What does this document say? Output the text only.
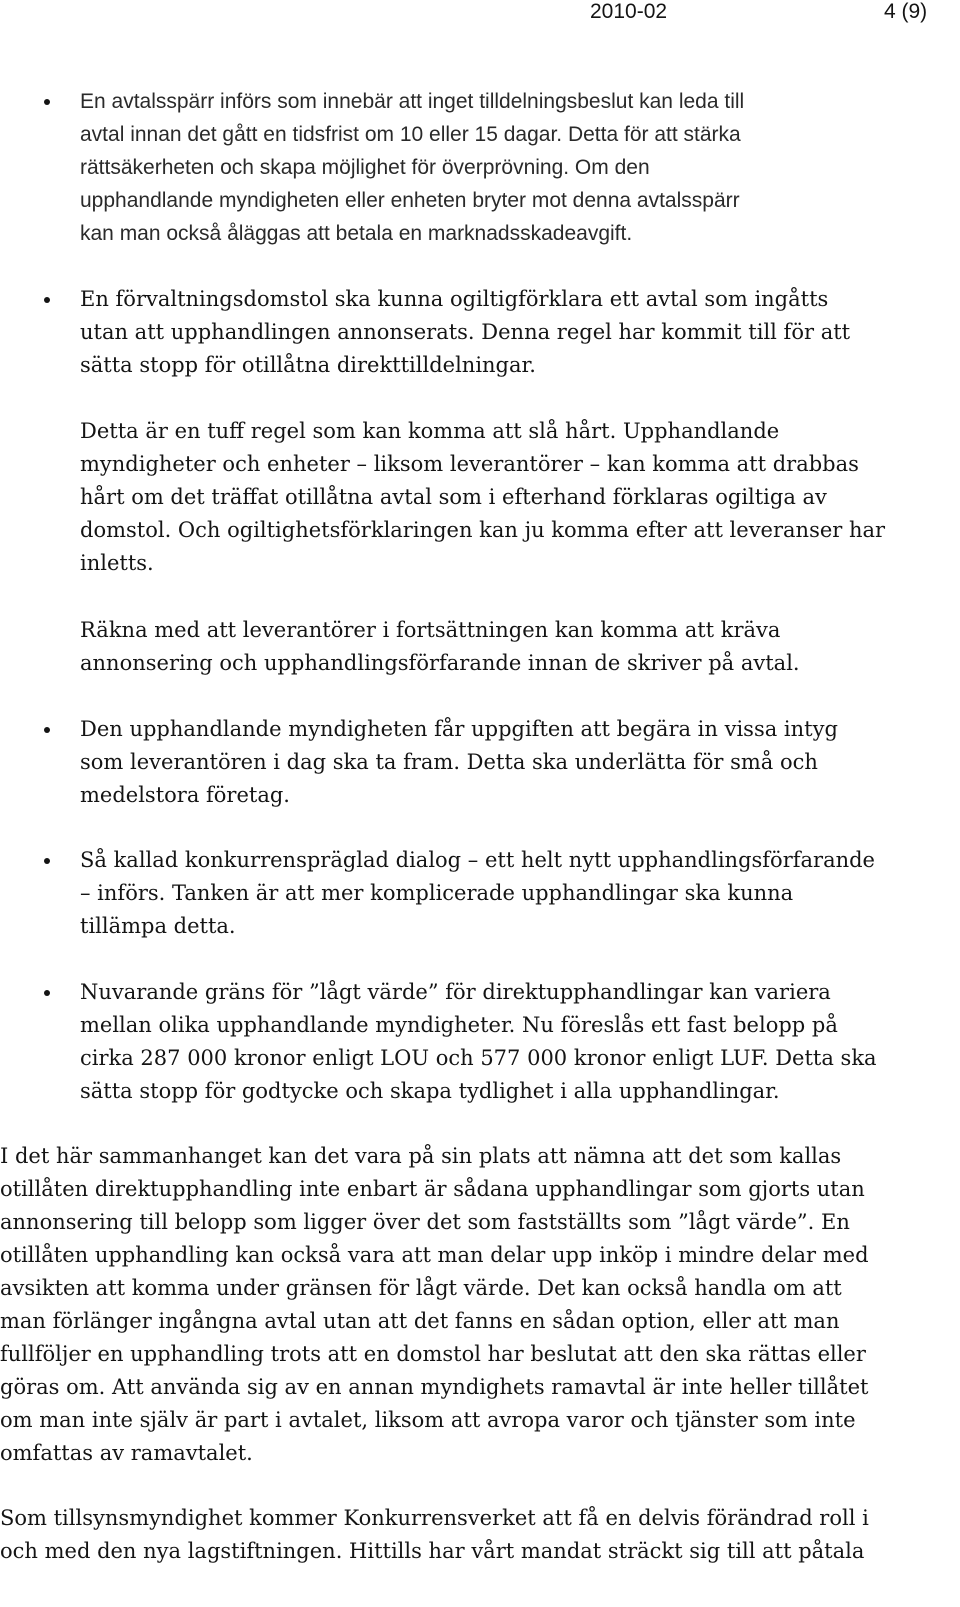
2010-02	4 (9)

En avtalsspärr införs som innebär att inget tilldelningsbeslut kan leda till
avtal innan det gått en tidsfrist om 10 eller 15 dagar. Detta för att stärka
rättsäkerheten och skapa möjlighet för överprövning. Om den
upphandlande myndigheten eller enheten bryter mot denna avtalsspärr
kan man också åläggas att betala en marknadsskadeavgift.

En förvaltningsdomstol ska kunna ogiltigförklara ett avtal som ingåtts
utan att upphandlingen annonserats. Denna regel har kommit till för att
sätta stopp för otillåtna direkttilldelningar.

Detta är en tuff regel som kan komma att slå hårt. Upphandlande
myndigheter och enheter – liksom leverantörer – kan komma att drabbas
hårt om det träffat otillåtna avtal som i efterhand förklaras ogiltiga av
domstol. Och ogiltighetsförklaringen kan ju komma efter att leveranser har
inletts.

Räkna med att leverantörer i fortsättningen kan komma att kräva
annonsering och upphandlingsförfarande innan de skriver på avtal.

Den upphandlande myndigheten får uppgiften att begära in vissa intyg
som leverantören i dag ska ta fram. Detta ska underlätta för små och
medelstora företag.

Så kallad konkurrenspräglad dialog – ett helt nytt upphandlingsförfarande
– införs. Tanken är att mer komplicerade upphandlingar ska kunna
tillämpa detta.

Nuvarande gräns för ”lågt värde” för direktupphandlingar kan variera
mellan olika upphandlande myndigheter. Nu föreslås ett fast belopp på
cirka 287 000 kronor enligt LOU och 577 000 kronor enligt LUF. Detta ska
sätta stopp för godtycke och skapa tydlighet i alla upphandlingar.

I det här sammanhanget kan det vara på sin plats att nämna att det som kallas
otillåten direktupphandling inte enbart är sådana upphandlingar som gjorts utan
annonsering till belopp som ligger över det som fastställts som ”lågt värde”. En
otillåten upphandling kan också vara att man delar upp inköp i mindre delar med
avsikten att komma under gränsen för lågt värde. Det kan också handla om att
man förlänger ingångna avtal utan att det fanns en sådan option, eller att man
fullföljer en upphandling trots att en domstol har beslutat att den ska rättas eller
göras om. Att använda sig av en annan myndighets ramavtal är inte heller tillåtet
om man inte själv är part i avtalet, liksom att avropa varor och tjänster som inte
omfattas av ramavtalet.

Som tillsynsmyndighet kommer Konkurrensverket att få en delvis förändrad roll i
och med den nya lagstiftningen. Hittills har vårt mandat sträckt sig till att påtala
